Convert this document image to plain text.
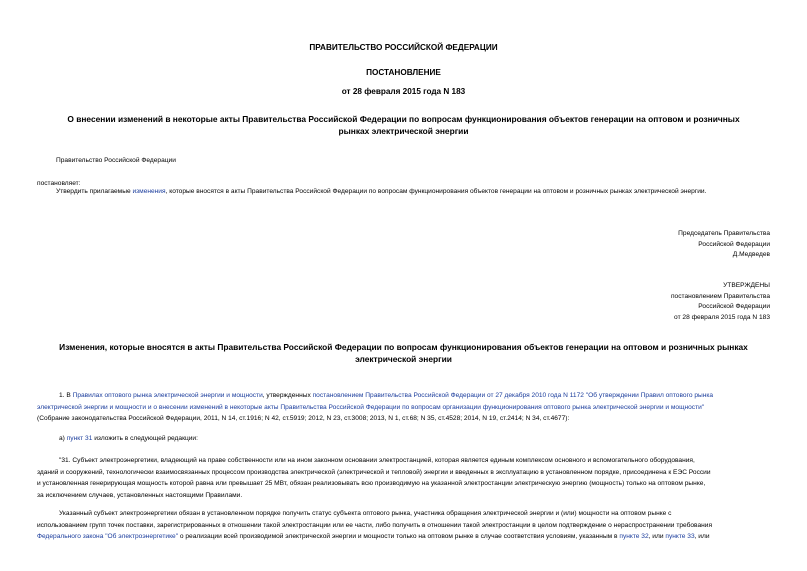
ПРАВИТЕЛЬСТВО РОССИЙСКОЙ ФЕДЕРАЦИИ
ПОСТАНОВЛЕНИЕ
от 28 февраля 2015 года N 183
О внесении изменений в некоторые акты Правительства Российской Федерации по вопросам функционирования объектов генерации на оптовом и розничных
рынках электрической энергии
Правительство Российской Федерации
постановляет:
Утвердить прилагаемые изменения, которые вносятся в акты Правительства Российской Федерации по вопросам функционирования объектов генерации на оптовом и розничных рынках электрической энергии.
Председатель Правительства
Российской Федерации
Д.Медведев
УТВЕРЖДЕНЫ
постановлением Правительства
Российской Федерации
от 28 февраля 2015 года N 183
Изменения, которые вносятся в акты Правительства Российской Федерации по вопросам функционирования объектов генерации на оптовом и розничных рынках
электрической энергии
1. В Правилах оптового рынка электрической энергии и мощности, утвержденных постановлением Правительства Российской Федерации от 27 декабря 2010 года N 1172 "Об утверждении Правил оптового рынка
электрической энергии и мощности и о внесении изменений в некоторые акты Правительства Российской Федерации по вопросам организации функционирования оптового рынка электрической энергии и мощности"
(Собрание законодательства Российской Федерации, 2011, N 14, ст.1916; N 42, ст.5919; 2012, N 23, ст.3008; 2013, N 1, ст.68; N 35, ст.4528; 2014, N 19, ст.2414; N 34, ст.4677):
а) пункт 31 изложить в следующей редакции:
"31. Субъект электроэнергетики, владеющий на праве собственности или на ином законном основании электростанцией, которая является единым комплексом основного и вспомогательного оборудования,
зданий и сооружений, технологически взаимосвязанных процессом производства электрической (электрической и тепловой) энергии и введенных в эксплуатацию в установленном порядке, присоединена к ЕЭС России
и установленная генерирующая мощность которой равна или превышает 25 МВт, обязан реализовывать всю производимую на указанной электростанции электрическую энергию (мощность) только на оптовом рынке,
за исключением случаев, установленных настоящими Правилами.
Указанный субъект электроэнергетики обязан в установленном порядке получить статус субъекта оптового рынка, участника обращения электрической энергии и (или) мощности на оптовом рынке с
использованием групп точек поставки, зарегистрированных в отношении такой электростанции или ее части, либо получить в отношении такой электростанции в целом подтверждение о нераспространении требования
Федерального закона "Об электроэнергетике" о реализации всей производимой электрической энергии и мощности только на оптовом рынке в случае соответствия условиям, указанным в пункте 32, или пункте 33, или
